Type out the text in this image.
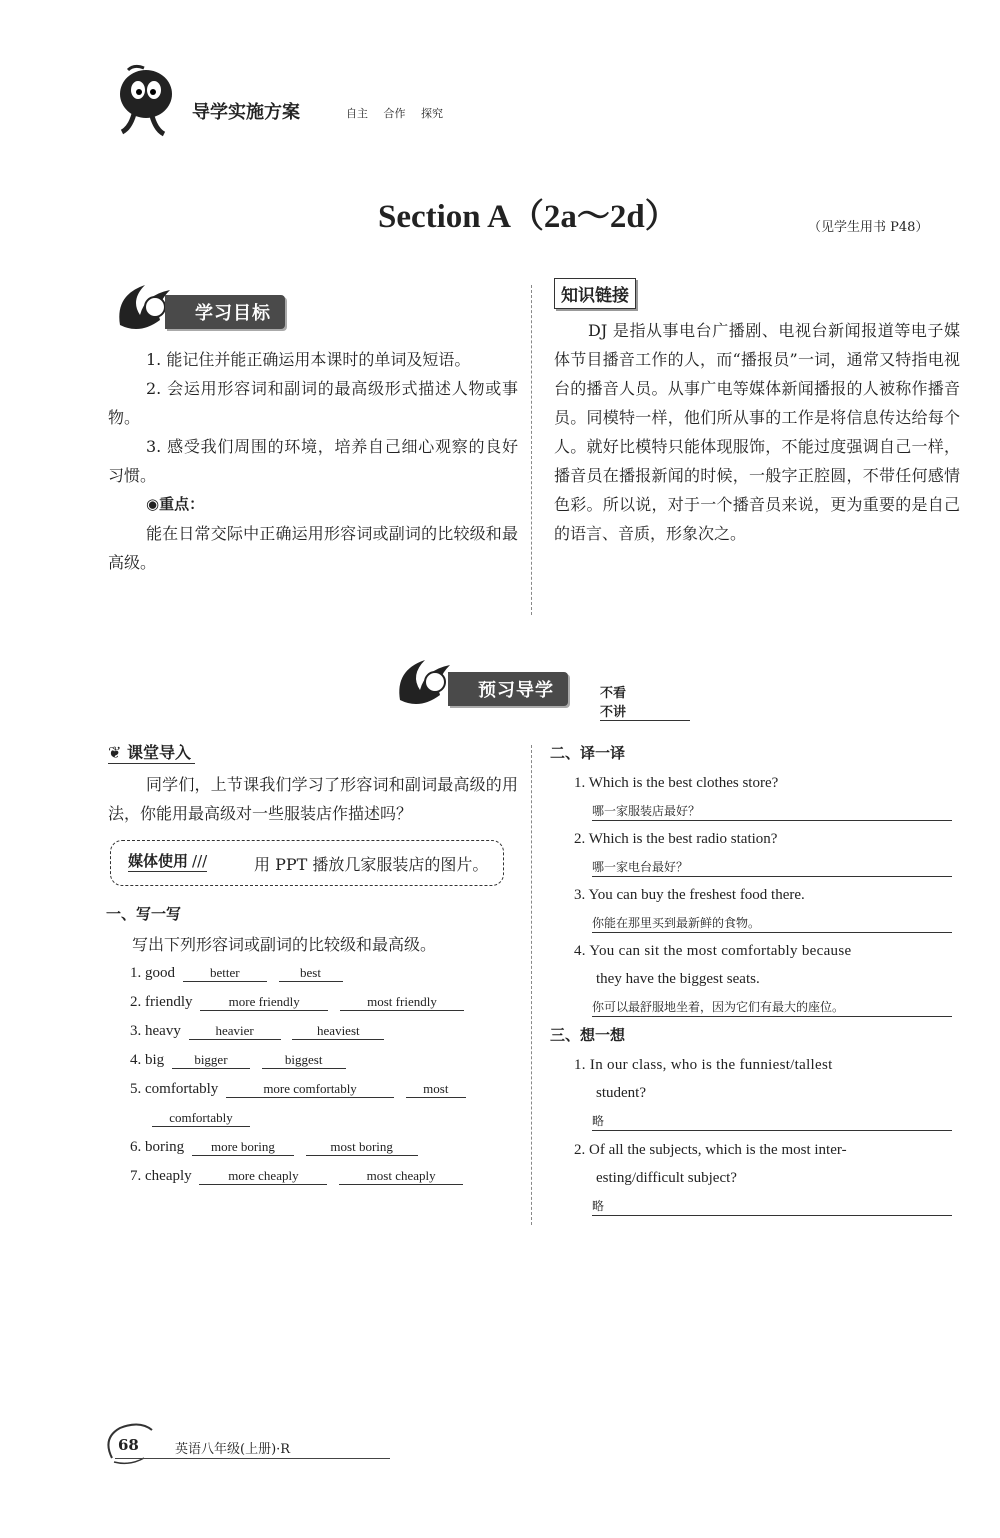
导学实施方案	自主 合作 探究
Section A（2a～2d）	（见学生用书 P48）
学习目标
1. 能记住并能正确运用本课时的单词及短语。
2. 会运用形容词和副词的最高级形式描述人物或事物。
3. 感受我们周围的环境，培养自己细心观察的良好习惯。
◉重点：
能在日常交际中正确运用形容词或副词的比较级和最高级。
知识链接
DJ 是指从事电台广播剧、电视台新闻报道等电子媒体节目播音工作的人，而“播报员”一词，通常又特指电视台的播音人员。从事广电等媒体新闻播报的人被称作播音员。同模特一样，他们所从事的工作是将信息传达给每个人。就好比模特只能体现服饰，不能过度强调自己一样，播音员在播报新闻的时候，一般字正腔圆，不带任何感情色彩。所以说，对于一个播音员来说，更为重要的是自己的语言、音质，形象次之。
预习导学	不看不讲
❦ 课堂导入
同学们，上节课我们学习了形容词和副词最高级的用法，你能用最高级对一些服装店作描述吗？
媒体使用 ///	用 PPT 播放几家服装店的图片。
一、写一写
写出下列形容词或副词的比较级和最高级。
1. good	better	best
2. friendly	more friendly	most friendly
3. heavy	heavier	heaviest
4. big bigger	biggest
5. comfortably	more comfortably	most
comfortably
6. boring more boring	most boring
7. cheaply	more cheaply	most cheaply
二、译一译
1. Which is the best clothes store?
哪一家服装店最好？
2. Which is the best radio station?
哪一家电台最好？
3. You can buy the freshest food there.
你能在那里买到最新鲜的食物。
4. You can sit the most comfortably because
they have the biggest seats.
你可以最舒服地坐着，因为它们有最大的座位。
三、想一想
1. In our class, who is the funniest/tallest
student?
略
2. Of all the subjects, which is the most inter-
esting/difficult subject?
略
68	英语八年级(上册)·R
